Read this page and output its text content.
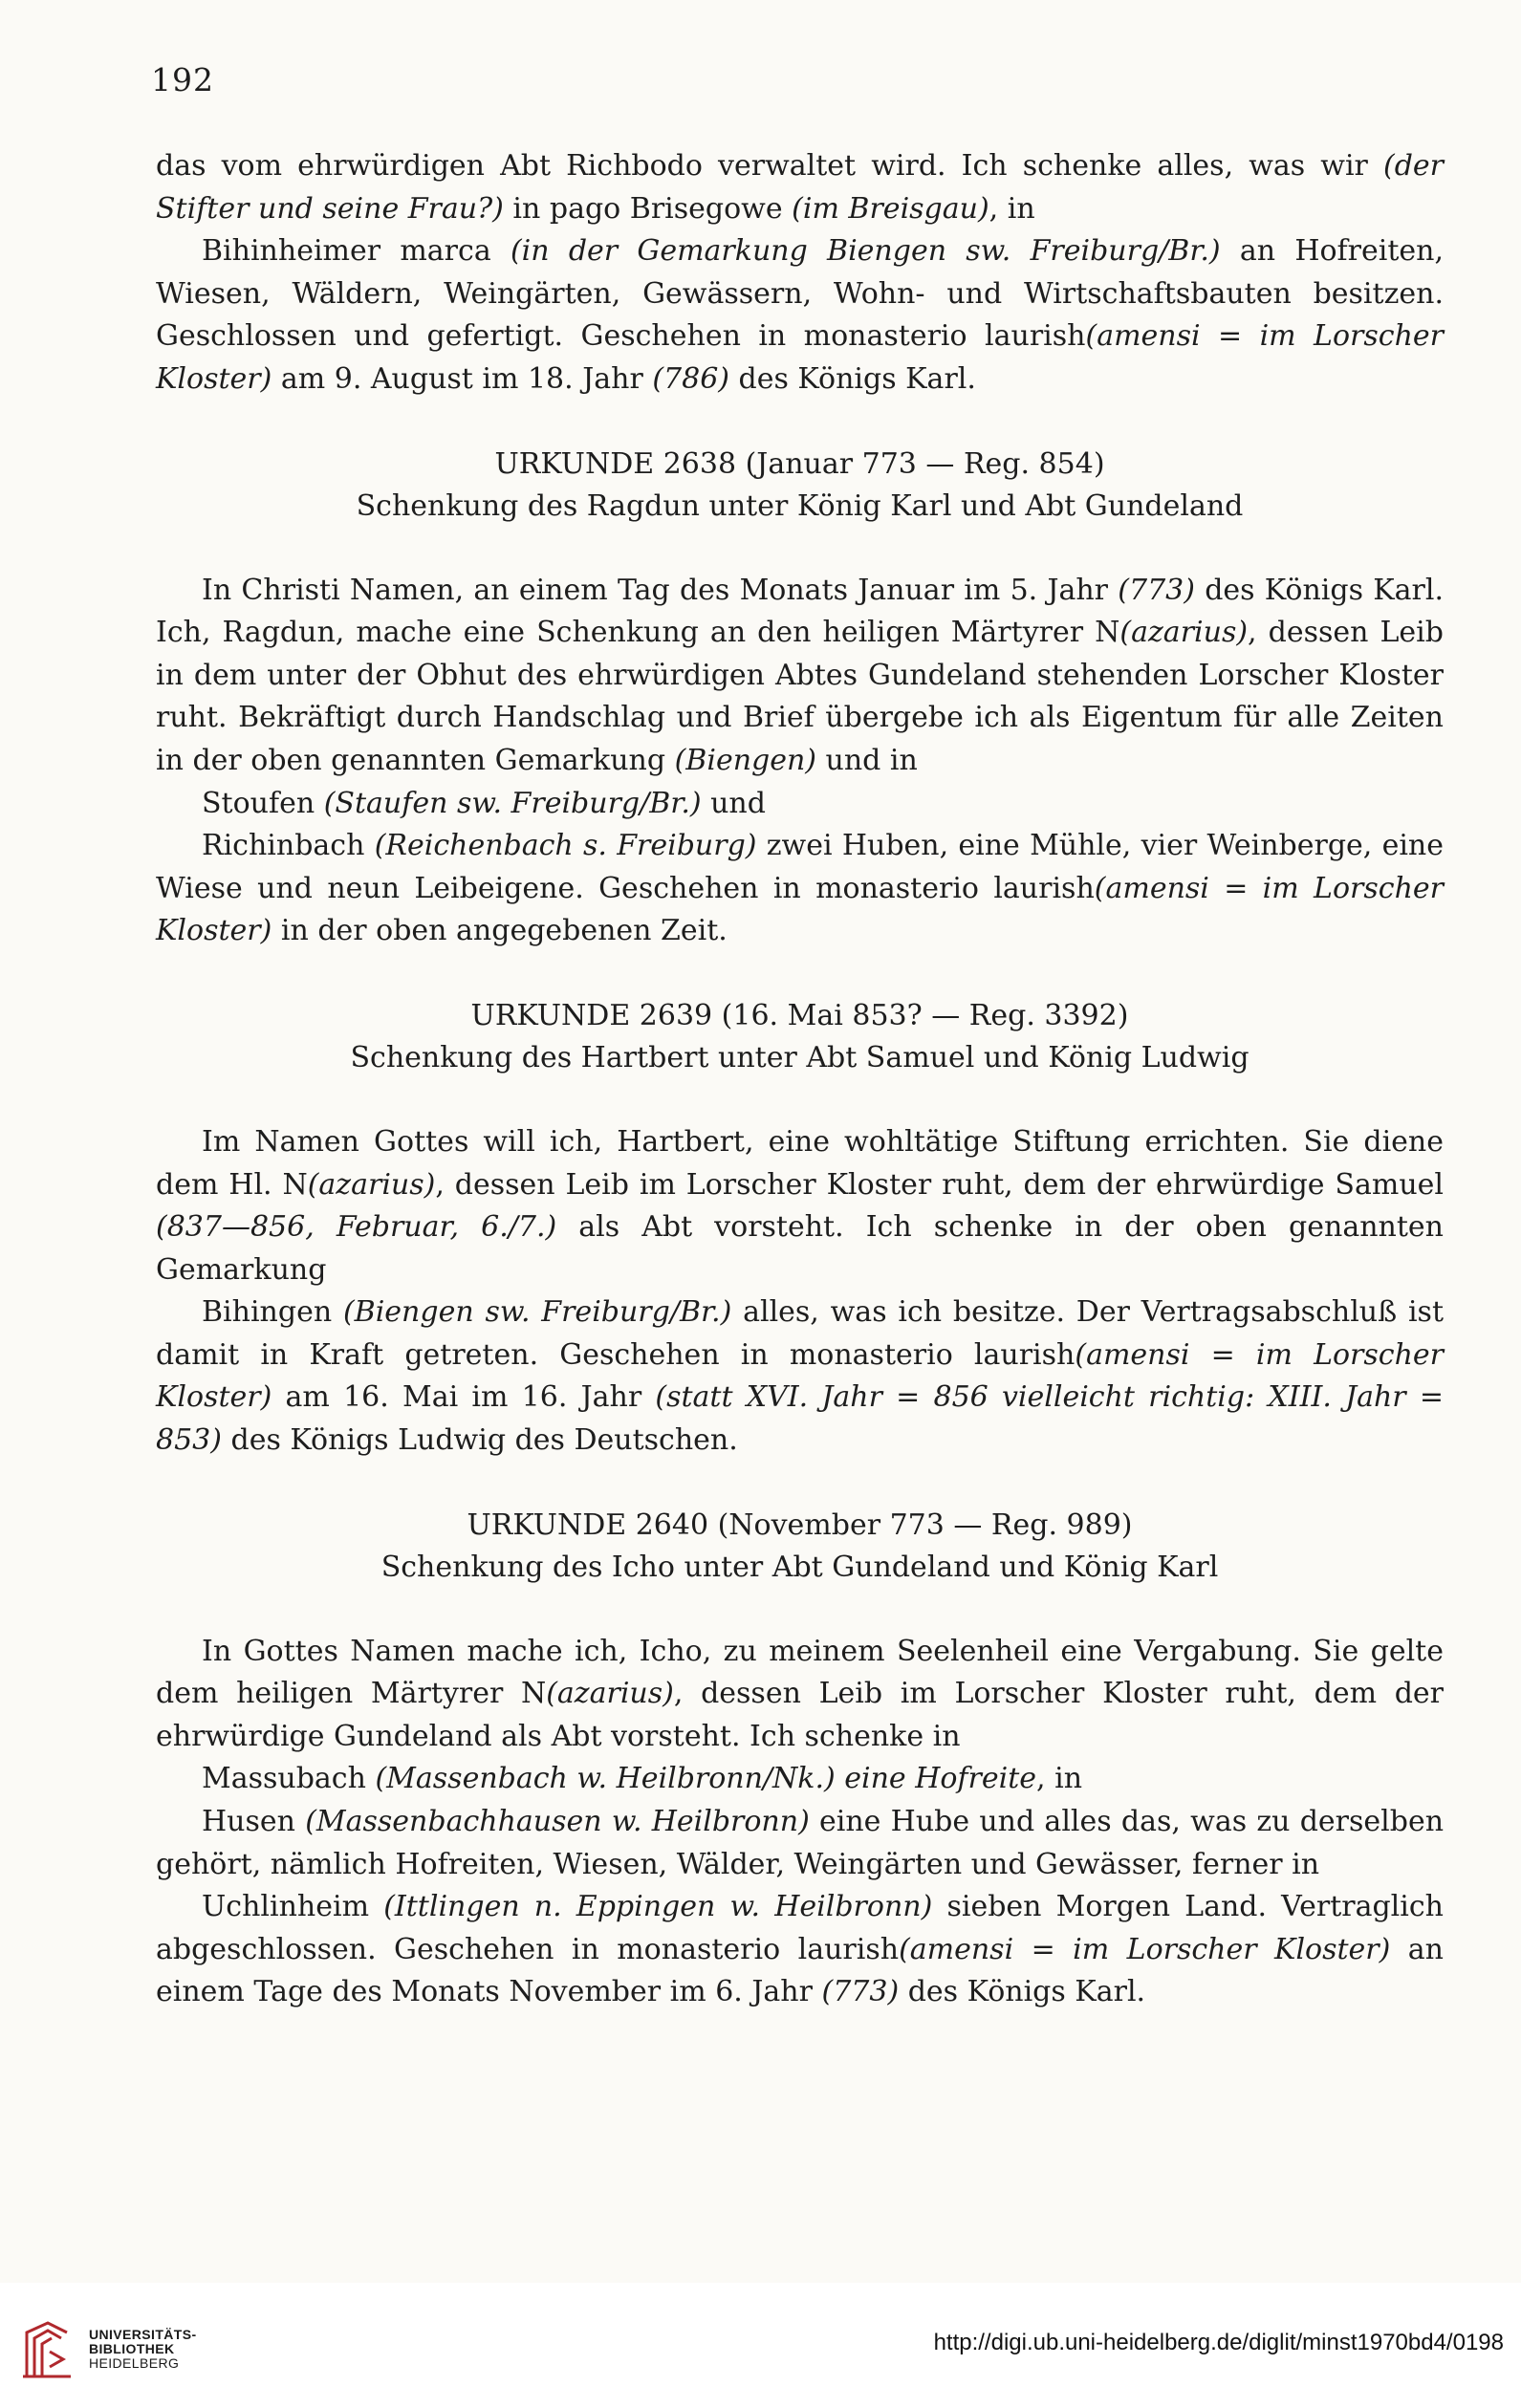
192

das vom ehrwürdigen Abt Richbodo verwaltet wird. Ich schenke alles, was wir (der Stifter und seine Frau?) in pago Brisegowe (im Breisgau), in

Bihinheimer marca (in der Gemarkung Biengen sw. Freiburg/Br.) an Hofreiten, Wiesen, Wäldern, Weingärten, Gewässern, Wohn- und Wirtschaftsbauten besitzen. Geschlossen und gefertigt. Geschehen in monasterio laurish(amensi = im Lorscher Kloster) am 9. August im 18. Jahr (786) des Königs Karl.

URKUNDE 2638 (Januar 773 — Reg. 854)
Schenkung des Ragdun unter König Karl und Abt Gundeland

In Christi Namen, an einem Tag des Monats Januar im 5. Jahr (773) des Königs Karl. Ich, Ragdun, mache eine Schenkung an den heiligen Märtyrer N(azarius), dessen Leib in dem unter der Obhut des ehrwürdigen Abtes Gundeland stehenden Lorscher Kloster ruht. Bekräftigt durch Handschlag und Brief übergebe ich als Eigentum für alle Zeiten in der oben genannten Gemarkung (Biengen) und in

Stoufen (Staufen sw. Freiburg/Br.) und

Richinbach (Reichenbach s. Freiburg) zwei Huben, eine Mühle, vier Weinberge, eine Wiese und neun Leibeigene. Geschehen in monasterio laurish(amensi = im Lorscher Kloster) in der oben angegebenen Zeit.

URKUNDE 2639 (16. Mai 853? — Reg. 3392)
Schenkung des Hartbert unter Abt Samuel und König Ludwig

Im Namen Gottes will ich, Hartbert, eine wohltätige Stiftung errichten. Sie diene dem Hl. N(azarius), dessen Leib im Lorscher Kloster ruht, dem der ehrwürdige Samuel (837—856, Februar, 6./7.) als Abt vorsteht. Ich schenke in der oben genannten Gemarkung

Bihingen (Biengen sw. Freiburg/Br.) alles, was ich besitze. Der Vertragsabschluß ist damit in Kraft getreten. Geschehen in monasterio laurish(amensi = im Lorscher Kloster) am 16. Mai im 16. Jahr (statt XVI. Jahr = 856 vielleicht richtig: XIII. Jahr = 853) des Königs Ludwig des Deutschen.

URKUNDE 2640 (November 773 — Reg. 989)
Schenkung des Icho unter Abt Gundeland und König Karl

In Gottes Namen mache ich, Icho, zu meinem Seelenheil eine Vergabung. Sie gelte dem heiligen Märtyrer N(azarius), dessen Leib im Lorscher Kloster ruht, dem der ehrwürdige Gundeland als Abt vorsteht. Ich schenke in

Massubach (Massenbach w. Heilbronn/Nk.) eine Hofreite, in

Husen (Massenbachhausen w. Heilbronn) eine Hube und alles das, was zu derselben gehört, nämlich Hofreiten, Wiesen, Wälder, Weingärten und Gewässer, ferner in

Uchlinheim (Ittlingen n. Eppingen w. Heilbronn) sieben Morgen Land. Vertraglich abgeschlossen. Geschehen in monasterio laurish(amensi = im Lorscher Kloster) an einem Tage des Monats November im 6. Jahr (773) des Königs Karl.

UNIVERSITÄTS-
BIBLIOTHEK
HEIDELBERG
http://digi.ub.uni-heidelberg.de/diglit/minst1970bd4/0198
